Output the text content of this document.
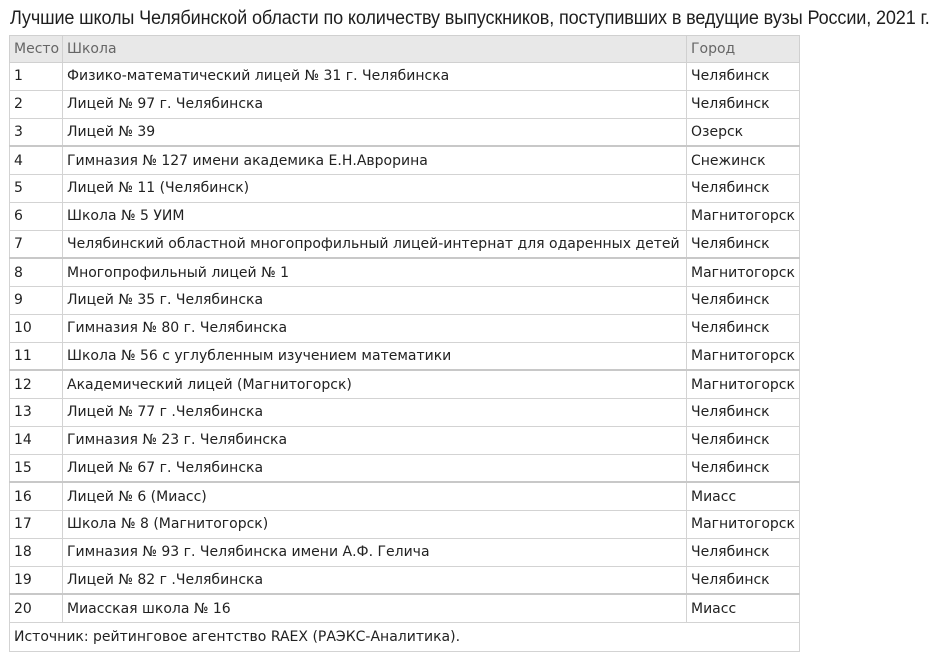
Лучшие школы Челябинской области по количеству выпускников, поступивших в ведущие вузы России, 2021 г.
Место	Школа	Город
1	Физико-математический лицей № 31 г. Челябинска	Челябинск
2	Лицей № 97 г. Челябинска	Челябинск
3	Лицей № 39	Озерск
4	Гимназия № 127 имени академика Е.Н.Аврорина	Снежинск
5	Лицей № 11 (Челябинск)	Челябинск
6	Школа № 5 УИМ	Магнитогорск
7	Челябинский областной многопрофильный лицей-интернат для одаренных детей	Челябинск
8	Многопрофильный лицей № 1	Магнитогорск
9	Лицей № 35 г. Челябинска	Челябинск
10	Гимназия № 80 г. Челябинска	Челябинск
11	Школа № 56 с углубленным изучением математики	Магнитогорск
12	Академический лицей (Магнитогорск)	Магнитогорск
13	Лицей № 77 г .Челябинска	Челябинск
14	Гимназия № 23 г. Челябинска	Челябинск
15	Лицей № 67 г. Челябинска	Челябинск
16	Лицей № 6 (Миасс)	Миасс
17	Школа № 8 (Магнитогорск)	Магнитогорск
18	Гимназия № 93 г. Челябинска имени А.Ф. Гелича	Челябинск
19	Лицей № 82 г .Челябинска	Челябинск
20	Миасская школа № 16	Миасс
Источник: рейтинговое агентство RAEX (РАЭКС-Аналитика).		
